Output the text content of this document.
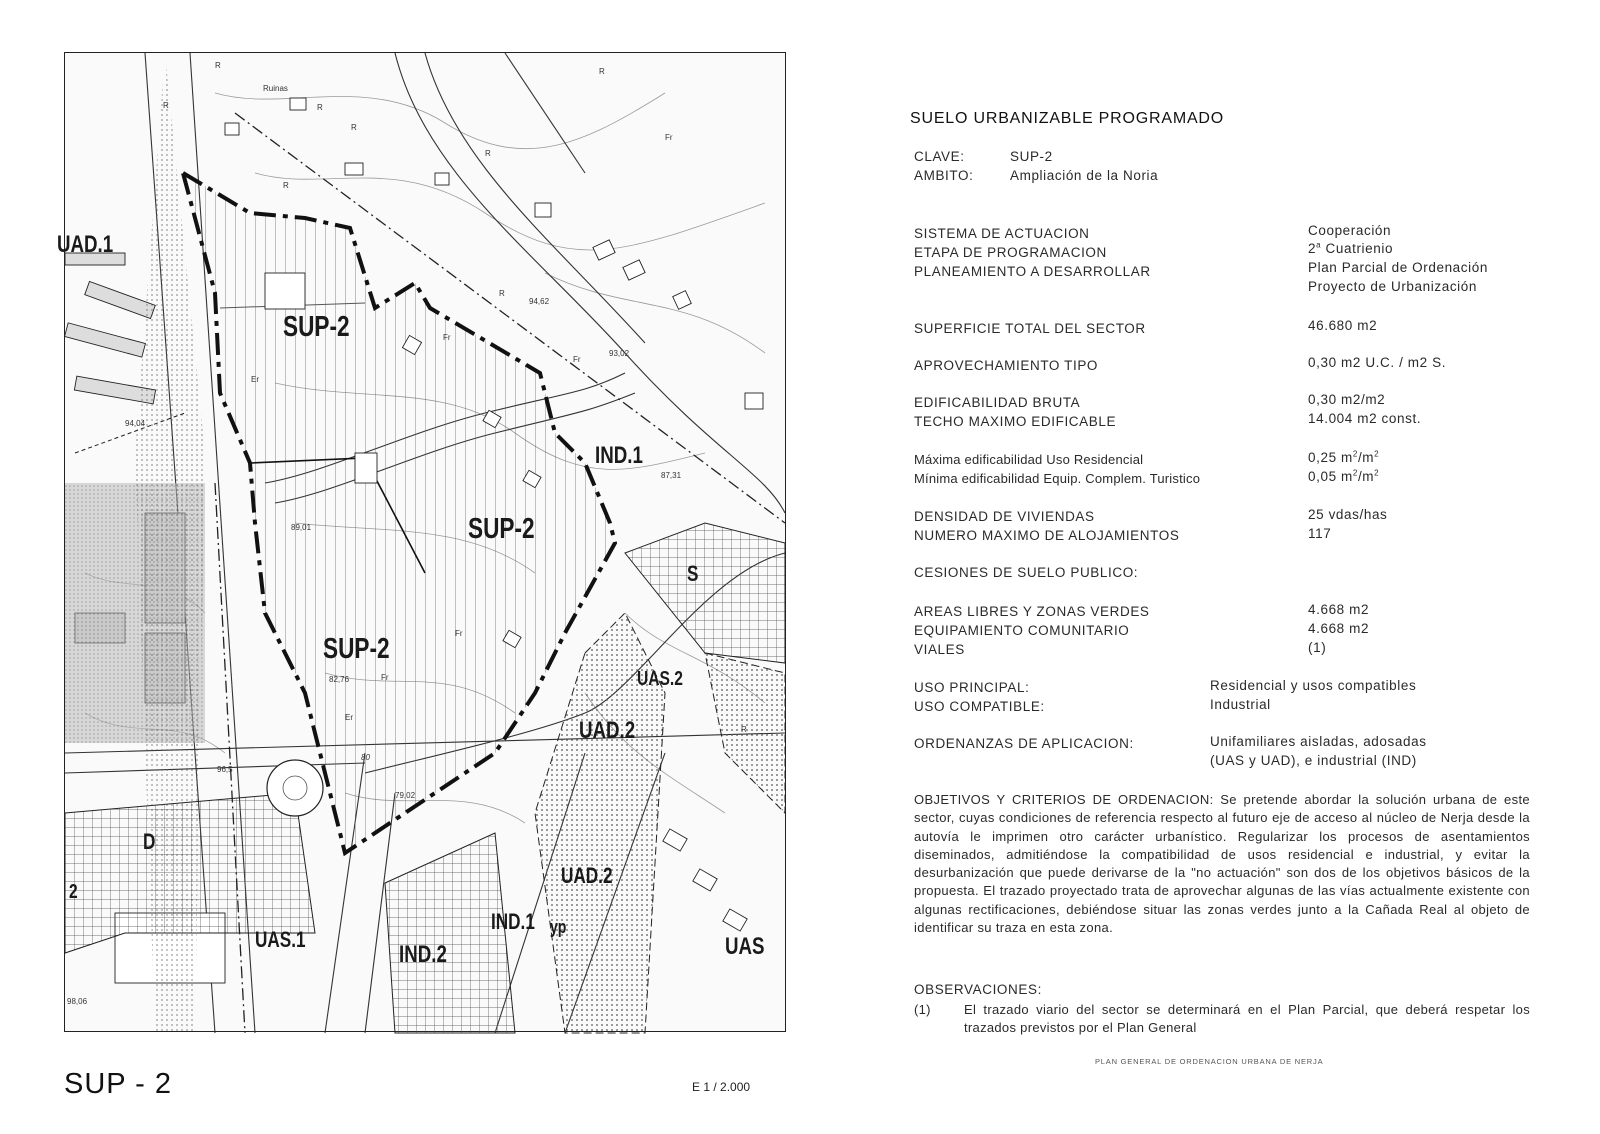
UAD.1
SUP-2
SUP-2
SUP-2
IND.1
S
UAS.2
UAD.2
UAD.2
D
UAS.1
IND.1 yp
IND.2	UAS
2
Ruinas
R
R	R
R
R
R
R
R
R
Fr
Fr
Fr
Fr
Fr
Er
Er
94,62
93,02
94,04
89,01
87,31
82,76
79,02
96,5
98,06
80
SUP - 2	E 1 / 2.000
SUELO URBANIZABLE PROGRAMADO
CLAVE:	SUP-2
AMBITO:	Ampliación de la Noria
SISTEMA DE ACTUACION	Cooperación
ETAPA DE PROGRAMACION	2$^a$ Cuatrienio
PLANEAMIENTO A DESARROLLAR	Plan Parcial de Ordenación
Proyecto de Urbanización
SUPERFICIE TOTAL DEL SECTOR	46.680 m2
APROVECHAMIENTO TIPO	0,30 m2 U.C. / m2 S.
EDIFICABILIDAD BRUTA	0,30 m2/m2
TECHO MAXIMO EDIFICABLE	14.004 m2 const.
Máxima edificabilidad Uso Residencial	0,25 $m^2/m^2$
Mínima edificabilidad Equip. Complem. Turistico	0,05 $m^2/m^2$
DENSIDAD DE VIVIENDAS	25 vdas/has
NUMERO MAXIMO DE ALOJAMIENTOS	117
CESIONES DE SUELO PUBLICO:
AREAS LIBRES Y ZONAS VERDES	4.668 m2
EQUIPAMIENTO COMUNITARIO	4.668 m2
VIALES	(1)
USO PRINCIPAL:	Residencial y usos compatibles
USO COMPATIBLE:	Industrial
ORDENANZAS DE APLICACION:	Unifamiliares aisladas, adosadas
(UAS y UAD), e industrial (IND)
OBJETIVOS Y CRITERIOS DE ORDENACION: Se pretende abordar la solución urbana de este sector, cuyas condiciones de referencia respecto al futuro eje de acceso al núcleo de Nerja desde la autovía le imprimen otro carácter urbanístico. Regularizar los procesos de asentamientos diseminados, admitiéndose la compatibilidad de usos residencial e industrial, y evitar la desurbanización que puede derivarse de la "no actuación" son dos de los objetivos básicos de la propuesta. El trazado proyectado trata de aprovechar algunas de las vías actualmente existente con algunas rectificaciones, debiéndose situar las zonas verdes junto a la Cañada Real al objeto de identificar su traza en esta zona.
OBSERVACIONES:
(1)	El trazado viario del sector se determinará en el Plan Parcial, que deberá respetar los trazados previstos por el Plan General
PLAN GENERAL DE ORDENACION URBANA DE NERJA
